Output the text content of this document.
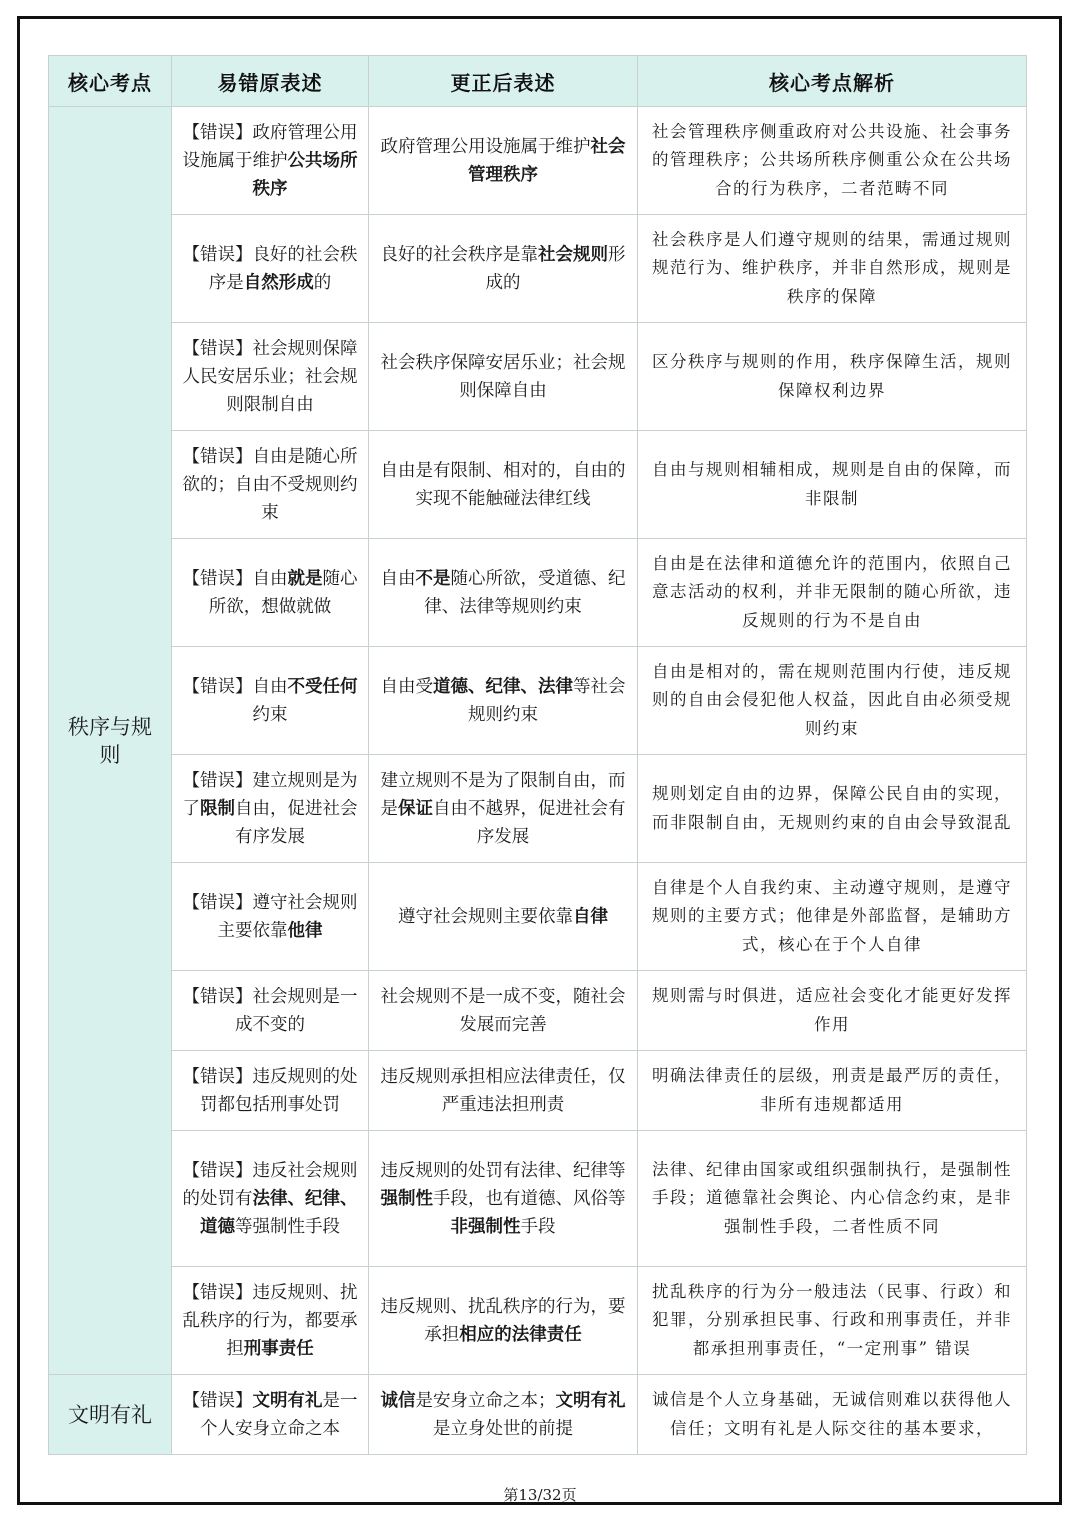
核心考点	易错原表述	更正后表述	核心考点解析
秩序与规则	【错误】政府管理公用设施属于维护公共场所秩序	政府管理公用设施属于维护社会管理秩序	社会管理秩序侧重政府对公共设施、社会事务的管理秩序；公共场所秩序侧重公众在公共场合的行为秩序，二者范畴不同
	【错误】良好的社会秩序是自然形成的	良好的社会秩序是靠社会规则形成的	社会秩序是人们遵守规则的结果，需通过规则规范行为、维护秩序，并非自然形成，规则是秩序的保障
	【错误】社会规则保障人民安居乐业；社会规则限制自由	社会秩序保障安居乐业；社会规则保障自由	区分秩序与规则的作用，秩序保障生活，规则保障权利边界
	【错误】自由是随心所欲的；自由不受规则约束	自由是有限制、相对的，自由的实现不能触碰法律红线	自由与规则相辅相成，规则是自由的保障，而非限制
	【错误】自由就是随心所欲，想做就做	自由不是随心所欲，受道德、纪律、法律等规则约束	自由是在法律和道德允许的范围内，依照自己意志活动的权利，并非无限制的随心所欲，违反规则的行为不是自由
	【错误】自由不受任何约束	自由受道德、纪律、法律等社会规则约束	自由是相对的，需在规则范围内行使，违反规则的自由会侵犯他人权益，因此自由必须受规则约束
	【错误】建立规则是为了限制自由，促进社会有序发展	建立规则不是为了限制自由，而是保证自由不越界，促进社会有序发展	规则划定自由的边界，保障公民自由的实现，而非限制自由，无规则约束的自由会导致混乱
	【错误】遵守社会规则主要依靠他律	遵守社会规则主要依靠自律	自律是个人自我约束、主动遵守规则，是遵守规则的主要方式；他律是外部监督，是辅助方式，核心在于个人自律
	【错误】社会规则是一成不变的	社会规则不是一成不变，随社会发展而完善	规则需与时俱进，适应社会变化才能更好发挥作用
	【错误】违反规则的处罚都包括刑事处罚	违反规则承担相应法律责任，仅严重违法担刑责	明确法律责任的层级，刑责是最严厉的责任，非所有违规都适用
	【错误】违反社会规则的处罚有法律、纪律、道德等强制性手段	违反规则的处罚有法律、纪律等强制性手段，也有道德、风俗等非强制性手段	法律、纪律由国家或组织强制执行，是强制性手段；道德靠社会舆论、内心信念约束，是非强制性手段，二者性质不同
	【错误】违反规则、扰乱秩序的行为，都要承担刑事责任	违反规则、扰乱秩序的行为，要承担相应的法律责任	扰乱秩序的行为分一般违法（民事、行政）和犯罪，分别承担民事、行政和刑事责任，并非都承担刑事责任，“一定刑事” 错误
文明有礼	【错误】文明有礼是一个人安身立命之本	诚信是安身立命之本；文明有礼是立身处世的前提	诚信是个人立身基础，无诚信则难以获得他人信任；文明有礼是人际交往的基本要求，
第13/32页
